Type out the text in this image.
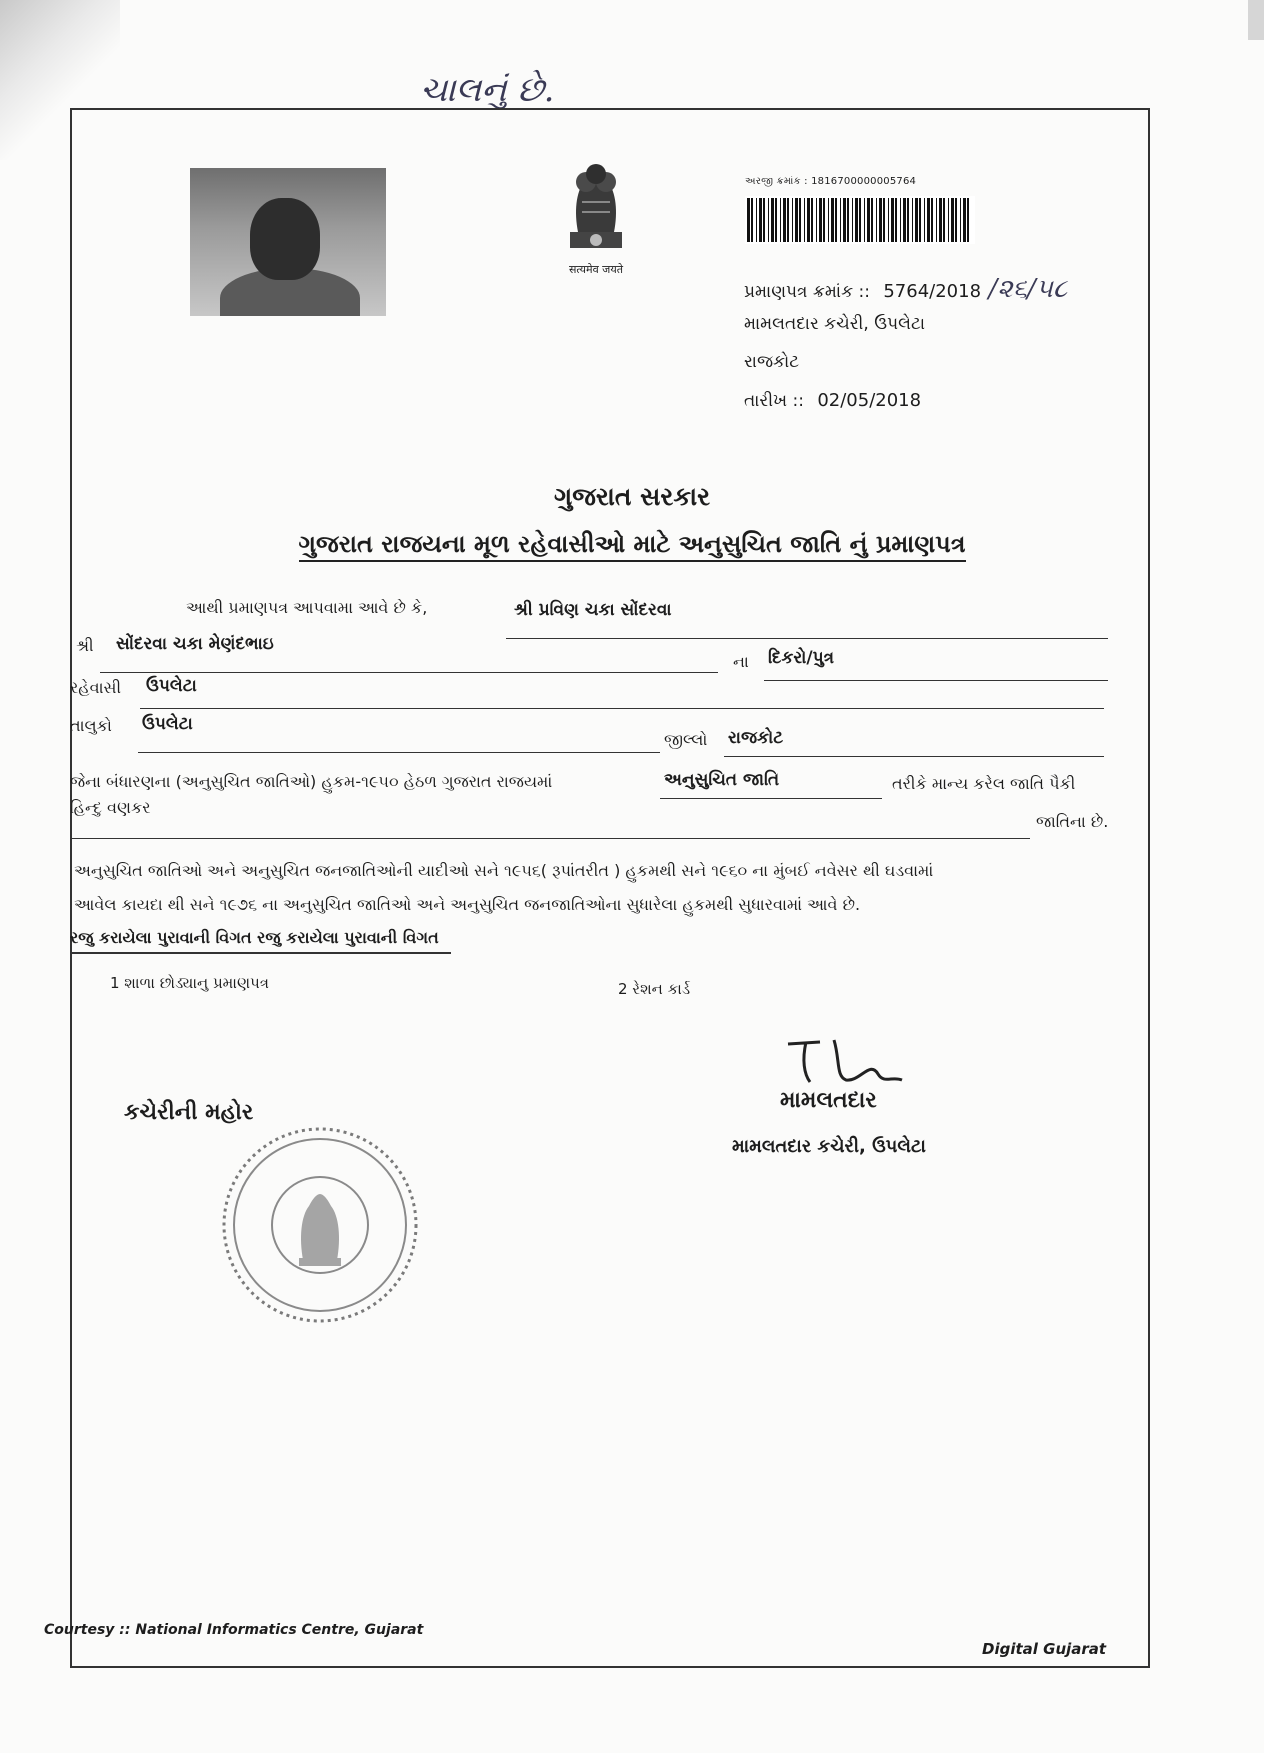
ચાલનું છે.
सत्यमेव जयते
અરજી ક્રમાંક : 1816700000005764
પ્રમાણપત્ર ક્રમાંક :: 5764/2018 /૨૬/૫૮
મામલતદાર કચેરી, ઉપલેટા
રાજકોટ
તારીખ :: 02/05/2018
ગુજરાત સરકાર
ગુજરાત રાજયના મૂળ રહેવાસીઓ માટે અનુસુચિત જાતિ નું પ્રમાણપત્ર
આથી પ્રમાણપત્ર આપવામા આવે છે કે,	શ્રી પ્રવિણ ચકા સોંદરવા
શ્રી સોંદરવા ચકા મેણંદભાઇ
ના દિકરો/પુત્ર
રહેવાસી ઉપલેટા
તાલુકો ઉપલેટા
જીલ્લો રાજકોટ
જેના બંધારણના (અનુસુચિત જાતિઓ) હુકમ-૧૯૫૦ હેઠળ ગુજરાત રાજયમાં	અનુસુચિત જાતિ	તરીકે માન્ય કરેલ જાતિ પૈકી
હિન્દુ વણકર
જાતિના છે.
અનુસુચિત જાતિઓ અને અનુસુચિત જનજાતિઓની યાદીઓ સને ૧૯૫૬( રૂપાંતરીત ) હુકમથી સને ૧૯૬૦ ના મુંબઈ નવેસર થી ઘડવામાં
આવેલ કાયદા થી સને ૧૯૭૬ ના અનુસુચિત જાતિઓ અને અનુસુચિત જનજાતિઓના સુધારેલા હુકમથી સુધારવામાં આવે છે.
રજુ કરાયેલા પુરાવાની વિગત રજુ કરાયેલા પુરાવાની વિગત
1 શાળા છોડ્યાનુ પ્રમાણપત્ર	2 રેશન કાર્ડ
મામલતદાર
મામલતદાર કચેરી, ઉપલેટા
કચેરીની મહોર
Courtesy :: National Informatics Centre, Gujarat
Digital Gujarat
